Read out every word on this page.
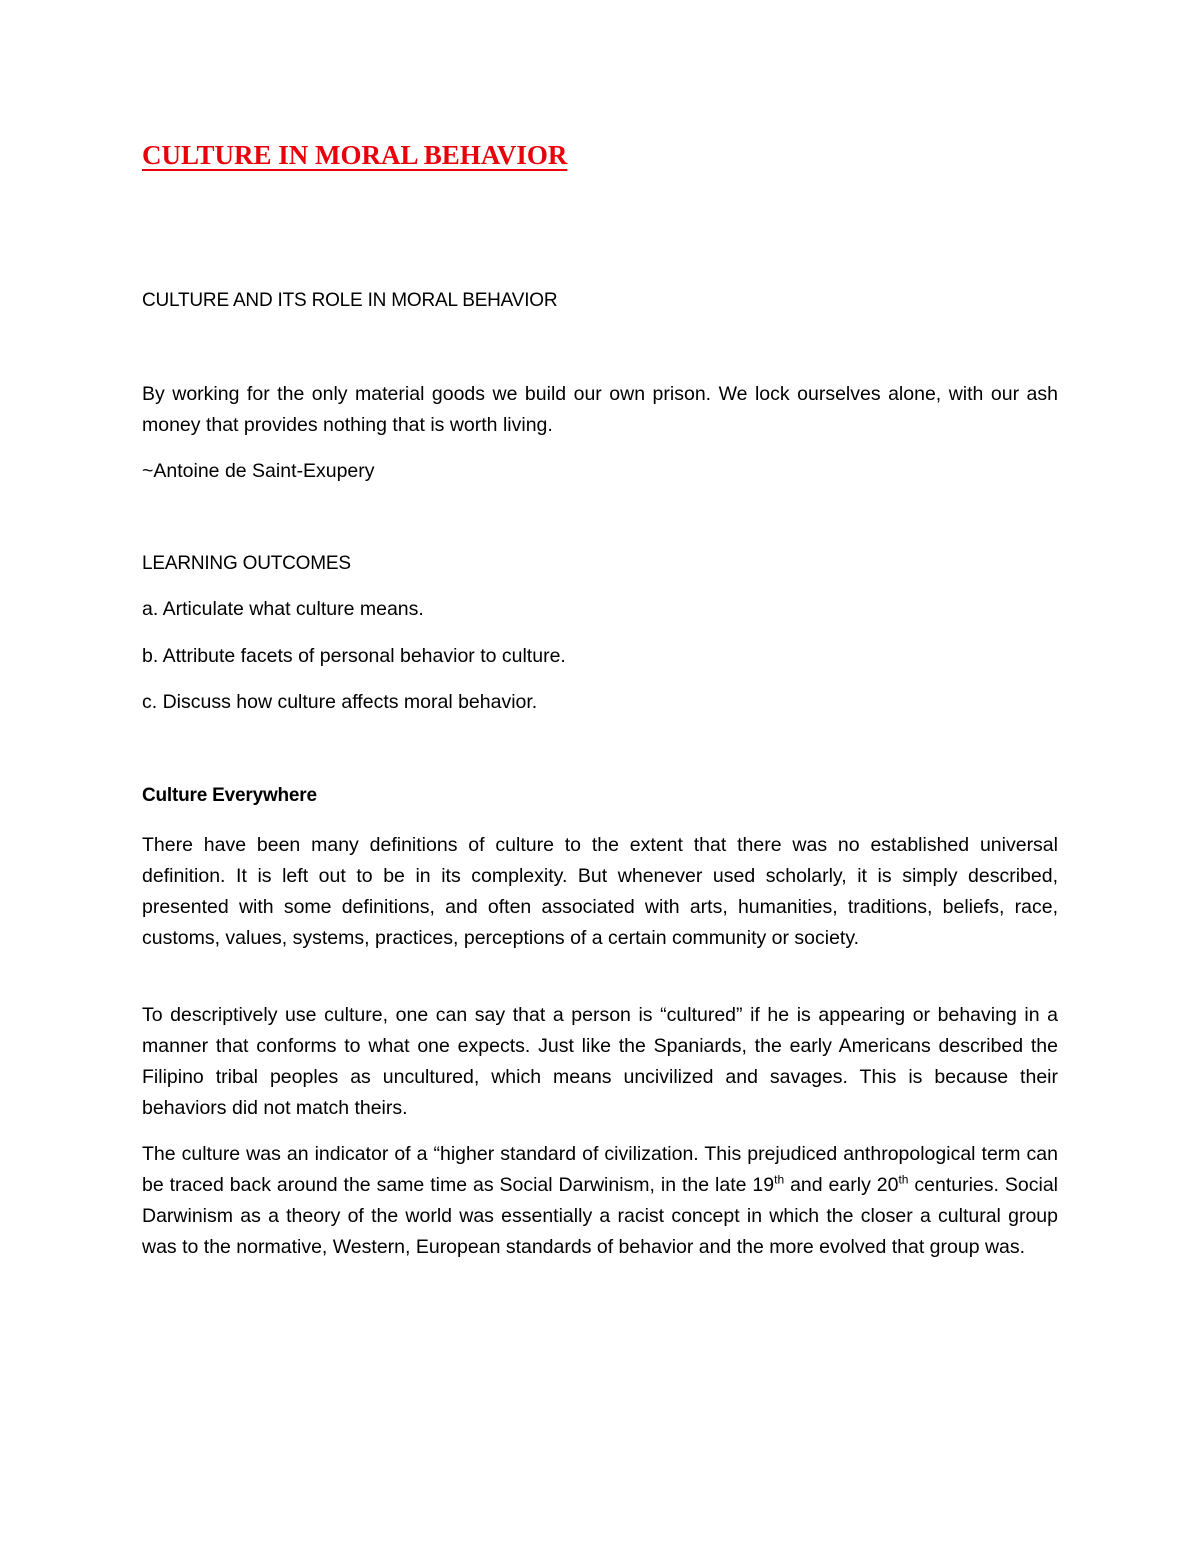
CULTURE IN MORAL BEHAVIOR
CULTURE AND ITS ROLE IN MORAL BEHAVIOR

By working for the only material goods we build our own prison. We lock ourselves alone, with our ash money that provides nothing that is worth living.

~Antoine de Saint-Exupery

LEARNING OUTCOMES

a. Articulate what culture means.

b. Attribute facets of personal behavior to culture.

c. Discuss how culture affects moral behavior.

Culture Everywhere

There have been many definitions of culture to the extent that there was no established universal definition. It is left out to be in its complexity. But whenever used scholarly, it is simply described, presented with some definitions, and often associated with arts, humanities, traditions, beliefs, race, customs, values, systems, practices, perceptions of a certain community or society.

To descriptively use culture, one can say that a person is “cultured” if he is appearing or behaving in a manner that conforms to what one expects. Just like the Spaniards, the early Americans described the Filipino tribal peoples as uncultured, which means uncivilized and savages. This is because their behaviors did not match theirs.

The culture was an indicator of a “higher standard of civilization. This prejudiced anthropological term can be traced back around the same time as Social Darwinism, in the late 19th and early 20th centuries. Social Darwinism as a theory of the world was essentially a racist concept in which the closer a cultural group was to the normative, Western, European standards of behavior and the more evolved that group was.
